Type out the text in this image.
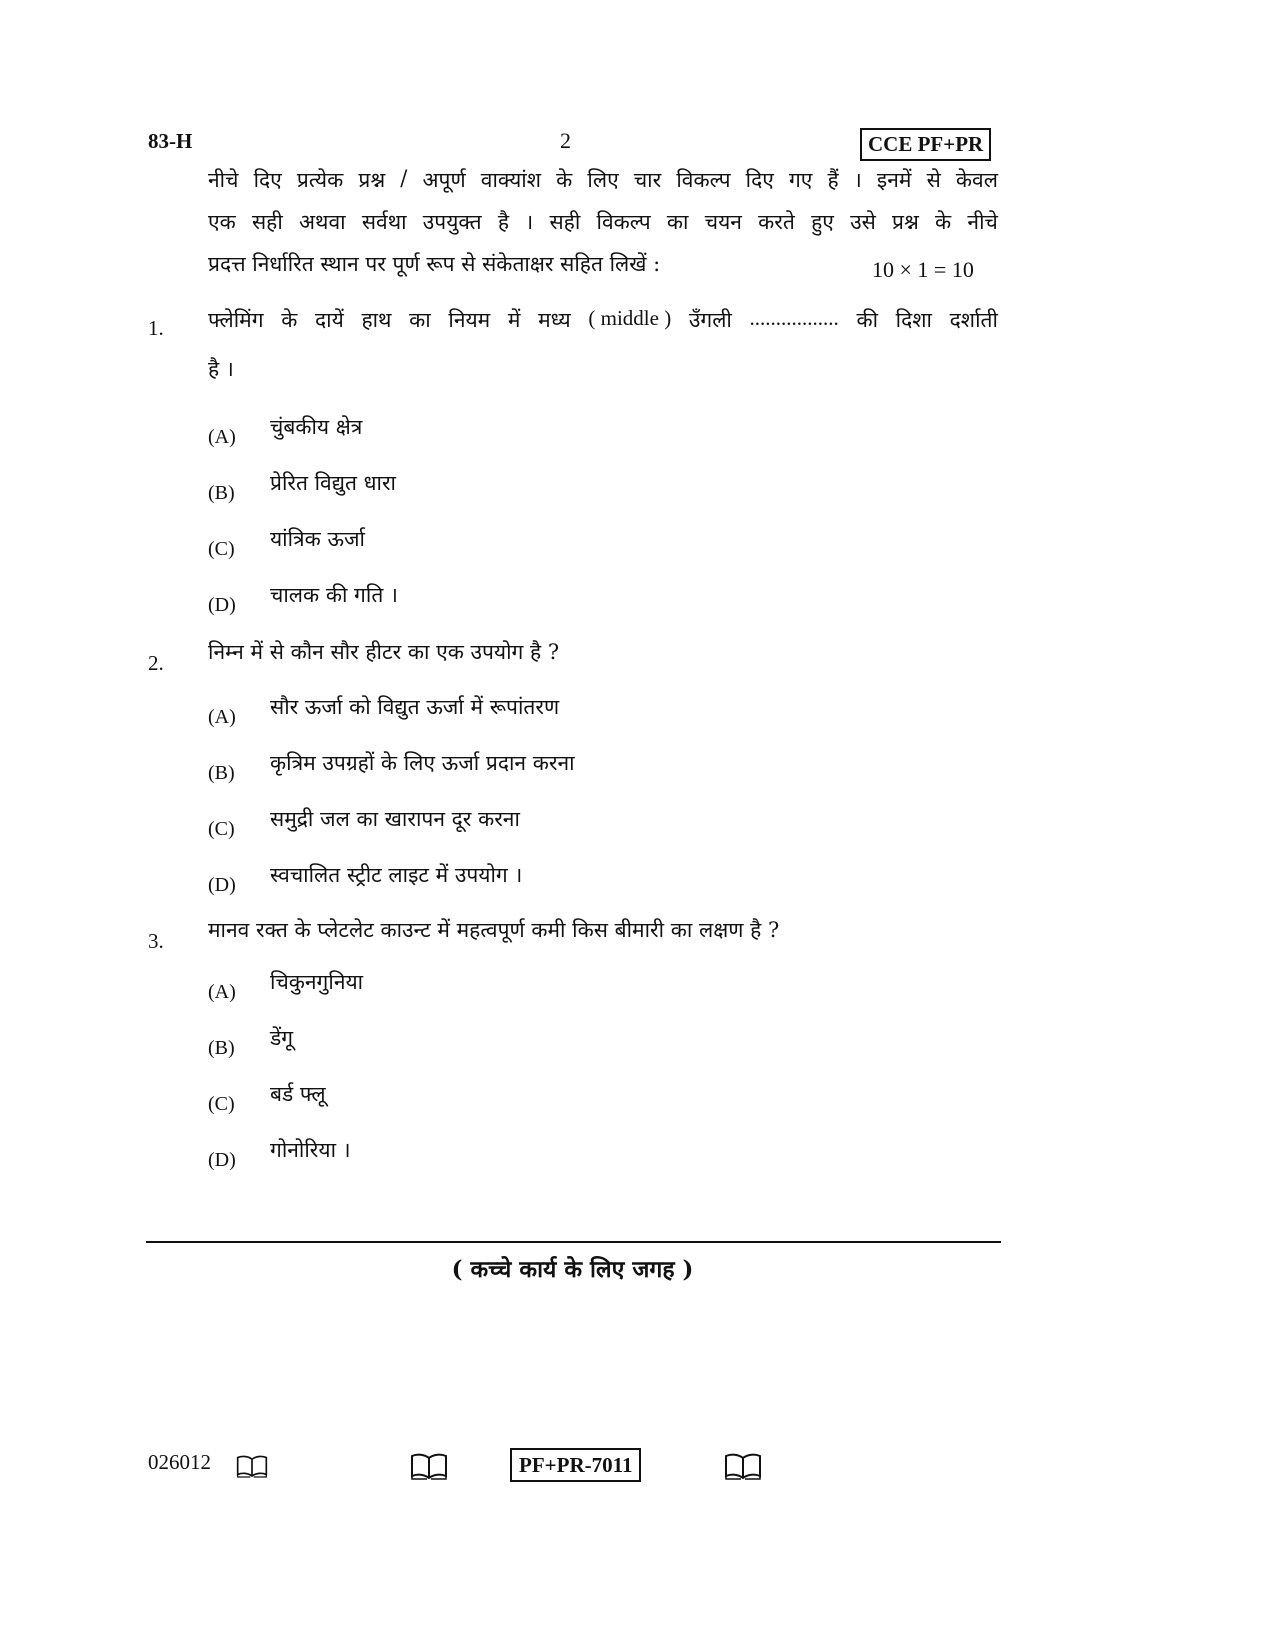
83-H	2	CCE PF+PR
नीचे दिए प्रत्येक प्रश्न / अपूर्ण वाक्यांश के लिए चार विकल्प दिए गए हैं । इनमें से केवल
एक सही अथवा सर्वथा उपयुक्त है । सही विकल्प का चयन करते हुए उसे प्रश्न के नीचे
प्रदत्त निर्धारित स्थान पर पूर्ण रूप से संकेताक्षर सहित लिखें :	10 × 1 = 10
1. फ्लेमिंग के दायें हाथ का नियम में मध्य ( middle ) उँगली ................. की दिशा दर्शाती
है ।
(A) चुंबकीय क्षेत्र
(B) प्रेरित विद्युत धारा
(C) यांत्रिक ऊर्जा
(D) चालक की गति ।
2. निम्न में से कौन सौर हीटर का एक उपयोग है ?
(A) सौर ऊर्जा को विद्युत ऊर्जा में रूपांतरण
(B) कृत्रिम उपग्रहों के लिए ऊर्जा प्रदान करना
(C) समुद्री जल का खारापन दूर करना
(D) स्वचालित स्ट्रीट लाइट में उपयोग ।
3. मानव रक्त के प्लेटलेट काउन्ट में महत्वपूर्ण कमी किस बीमारी का लक्षण है ?
(A) चिकुनगुनिया
(B) डेंगू
(C) बर्ड फ्लू
(D) गोनोरिया ।
( कच्चे कार्य के लिए जगह )
026012	PF+PR-7011
